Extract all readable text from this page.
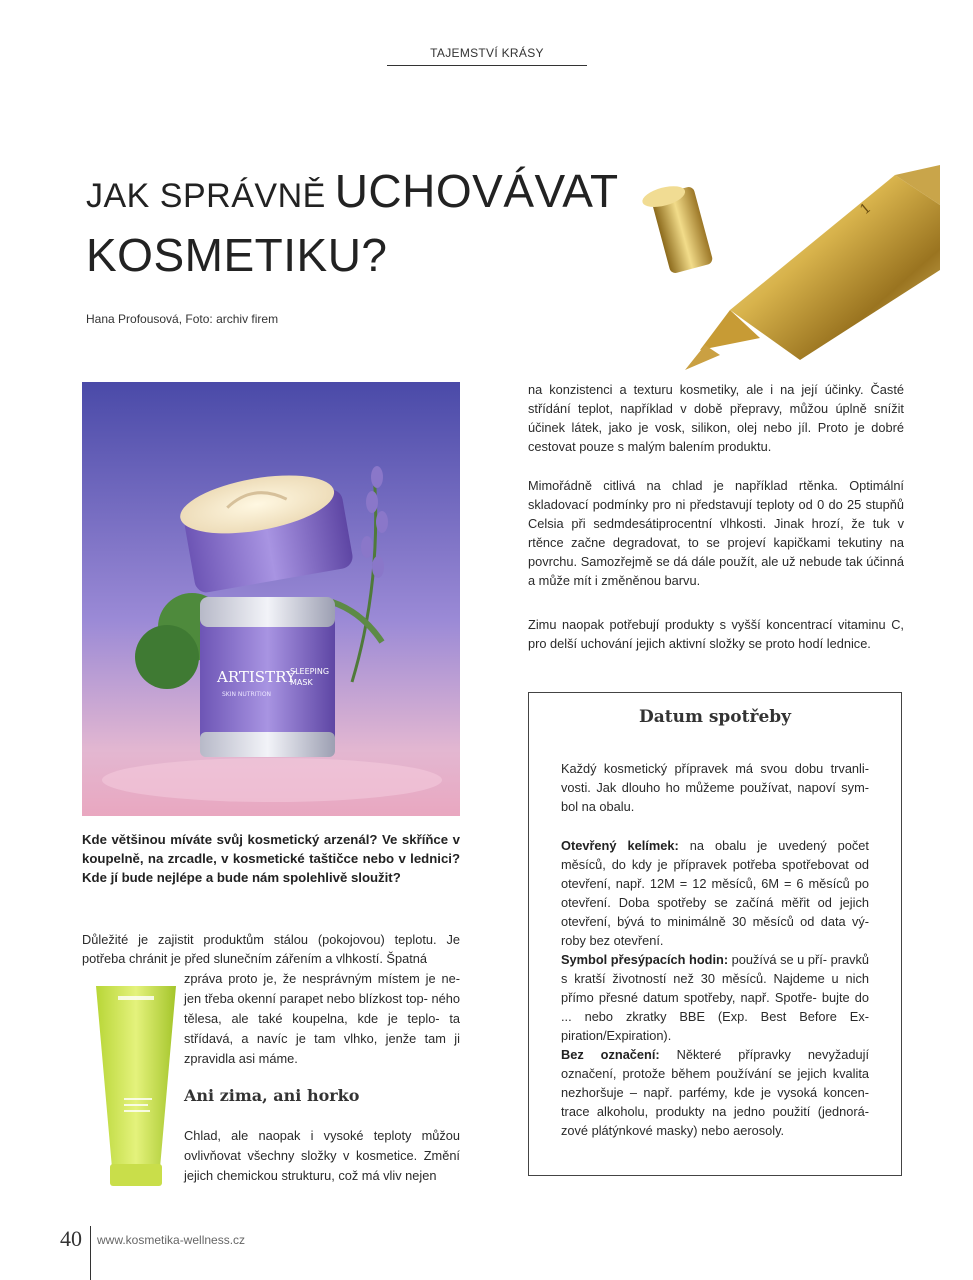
TAJEMSTVÍ KRÁSY
JAK SPRÁVNĚ UCHOVÁVAT
KOSMETIKU?
Hana Profousová, Foto: archiv firem
1
ARTISTRY
SKIN NUTRITION
SLEEPING
MASK

Kde většinou míváte svůj kosmetický arzenál? Ve skříňce v koupelně, na zrcadle, v kosmetické taštičce nebo v lednici? Kde jí bude nejlépe a bude nám spolehlivě sloužit?

Důležité je zajistit produktům stálou (pokojovou) teplotu. Je potřeba chránit je před slunečním zářením a vlhkostí. Špatná

zpráva proto je, že nesprávným místem je ne- jen třeba okenní parapet nebo blízkost top- ného tělesa, ale také koupelna, kde je teplo- ta střídavá, a navíc je tam vlhko, jenže tam ji zpravidla asi máme.

Ani zima, ani horko

Chlad, ale naopak i vysoké teploty můžou ovlivňovat všechny složky v kosmetice. Změní jejich chemickou strukturu, což má vliv nejen

na konzistenci a texturu kosmetiky, ale i na její účinky. Časté střídání teplot, například v době přepravy, můžou úplně snížit účinek látek, jako je vosk, silikon, olej nebo jíl. Proto je dobré cestovat pouze s malým balením produktu.

Mimořádně citlivá na chlad je například rtěnka. Optimální skladovací podmínky pro ni představují teploty od 0 do 25 stupňů Celsia při sedmdesátiprocentní vlhkosti. Jinak hrozí, že tuk v rtěnce začne degradovat, to se projeví kapičkami tekutiny na povrchu. Samozřejmě se dá dále použít, ale už nebude tak účinná a může mít i změněnou barvu.

Zimu naopak potřebují produkty s vyšší koncentrací vitaminu C, pro delší uchování jejich aktivní složky se proto hodí lednice.

Datum spotřeby

Každý kosmetický přípravek má svou dobu trvanli- vosti. Jak dlouho ho můžeme používat, napoví sym- bol na obalu.

Otevřený kelímek: na obalu je uvedený počet měsíců, do kdy je přípravek potřeba spotřebovat od otevření, např. 12M = 12 měsíců, 6M = 6 měsíců po otevření. Doba spotřeby se začíná měřit od jejich otevření, bývá to minimálně 30 měsíců od data vý- roby bez otevření.

Symbol přesýpacích hodin: používá se u pří- pravků s kratší životností než 30 měsíců. Najdeme u nich přímo přesné datum spotřeby, např. Spotře- bujte do ... nebo zkratky BBE (Exp. Best Before Ex- piration/Expiration).

Bez označení: Některé přípravky nevyžadují označení, protože během používání se jejich kvalita nezhoršuje – např. parfémy, kde je vysoká koncen- trace alkoholu, produkty na jedno použití (jednorá- zové plátýnkové masky) nebo aerosoly.

40 www.kosmetika-wellness.cz
